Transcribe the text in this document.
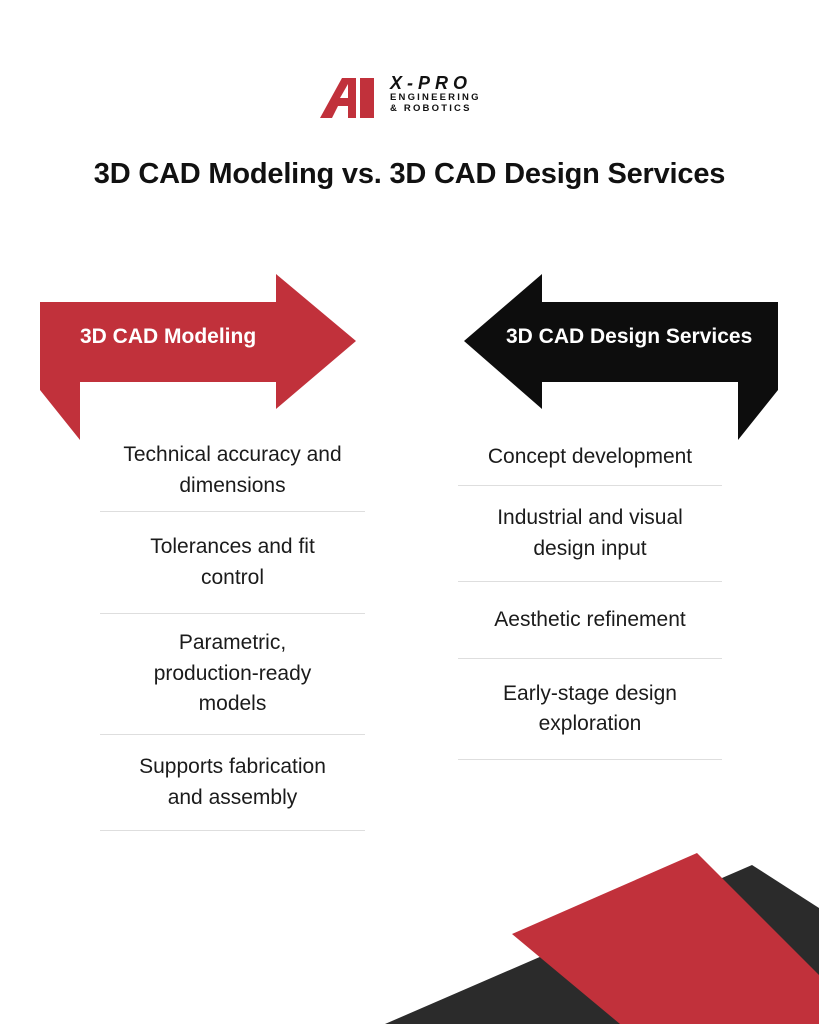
X-PRO
ENGINEERING
& ROBOTICS
3D CAD Modeling vs. 3D CAD Design Services
3D CAD Modeling	3D CAD Design Services
Technical accuracy and
dimensions
Tolerances and fit
control
Parametric,
production-ready
models
Supports fabrication
and assembly
Concept development
Industrial and visual
design input
Aesthetic refinement
Early-stage design
exploration
